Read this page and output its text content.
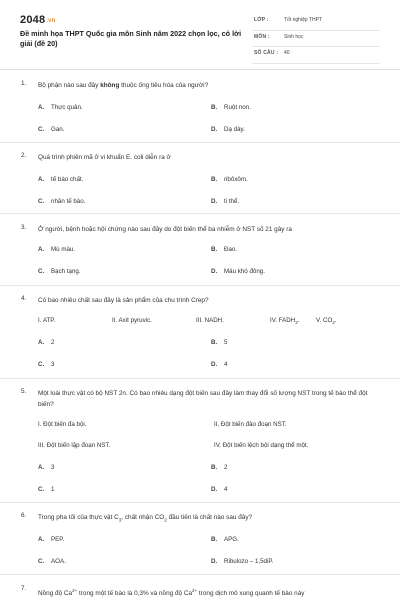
2048.vn
Đề minh họa THPT Quốc gia môn Sinh năm 2022 chọn lọc, có lời giải (đề 20)
LỚP :	Tốt nghiệp THPT
MÔN :	Sinh học
SỐ CÂU : 40
1. Bộ phận nào sau đây không thuộc ống tiêu hóa của người?
A. Thực quản.	B. Ruột non.
C. Gan.	D. Dạ dày.
2. Quá trình phiên mã ở vi khuẩn E. coli diễn ra ở
A. tế bào chất.	B. ribôxôm.
C. nhân tế bào.	D. ti thể.
3. Ở người, bệnh hoặc hội chứng nào sau đây do đột biến thể ba nhiễm ở NST số 21 gây ra
A. Mù màu.	B. Đao.
C. Bạch tạng.	D. Máu khó đông.
4. Có bao nhiêu chất sau đây là sản phẩm của chu trình Crep?
I. ATP.	II. Axit pyruvic.	III. NADH.	IV. $FADH_2$.	V. $CO_2$.
A. 2	B. 5
C. 3	D. 4
5. Một loài thực vật có bộ NST 2n. Có bao nhiêu dạng đột biến sau đây làm thay đổi số lượng NST trong tế bào thể đột biến?
I. Đột biến đa bội.	II. Đột biến đảo đoạn NST.
III. Đột biến lặp đoạn NST.	IV. Đột biến lệch bội dạng thể một.
A. 3	B. 2
C. 1	D. 4
6. Trong pha tối của thực vật $C_3$, chất nhận $CO_2$ đầu tiên là chất nào sau đây?
A. PEP.	B. APG.
C. AOA.	D. Ribulozo – 1,5diP.
7.
Nồng độ $Ca^{2+}$ trong một tế bào là 0,3% và nồng độ $Ca^{2+}$ trong dịch mô xung quanh tế bào này
